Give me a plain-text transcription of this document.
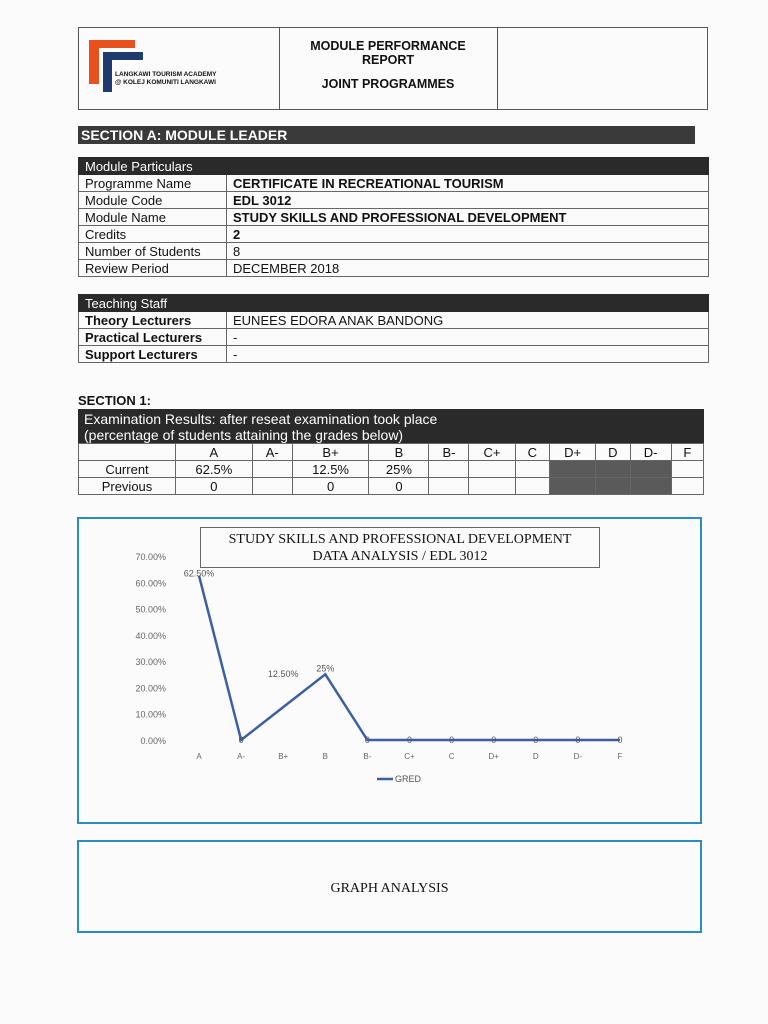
LANGKAWI TOURISM ACADEMY
@ KOLEJ KOMUNITI LANGKAWI
MODULE PERFORMANCE
REPORT
JOINT PROGRAMMES
SECTION A: MODULE LEADER
Module Particulars	
Programme Name	CERTIFICATE IN RECREATIONAL TOURISM
Module Code	EDL 3012
Module Name	STUDY SKILLS AND PROFESSIONAL DEVELOPMENT
Credits	2
Number of Students	8
Review Period	DECEMBER 2018
Teaching Staff	
Theory Lecturers	EUNEES EDORA ANAK BANDONG
Practical Lecturers	-
Support Lecturers	-
SECTION 1:
Examination Results: after reseat examination took place
(percentage of students attaining the grades below)
	A	A-	B+	B	B-	C+	C	D+	D	D-	F
Current	62.5%		12.5%	25%							
Previous	0		0	0							
STUDY SKILLS AND PROFESSIONAL DEVELOPMENT
DATA ANALYSIS / EDL 3012
0.00%
10.00%
20.00%
30.00%
40.00%
50.00%
60.00%
70.00%
A	A-	B+	B	B-	C+	C	D+	D	D-	F
62.50%
0
12.50%
25%
0	0	0	0	0	0	0
GRED
GRAPH ANALYSIS
